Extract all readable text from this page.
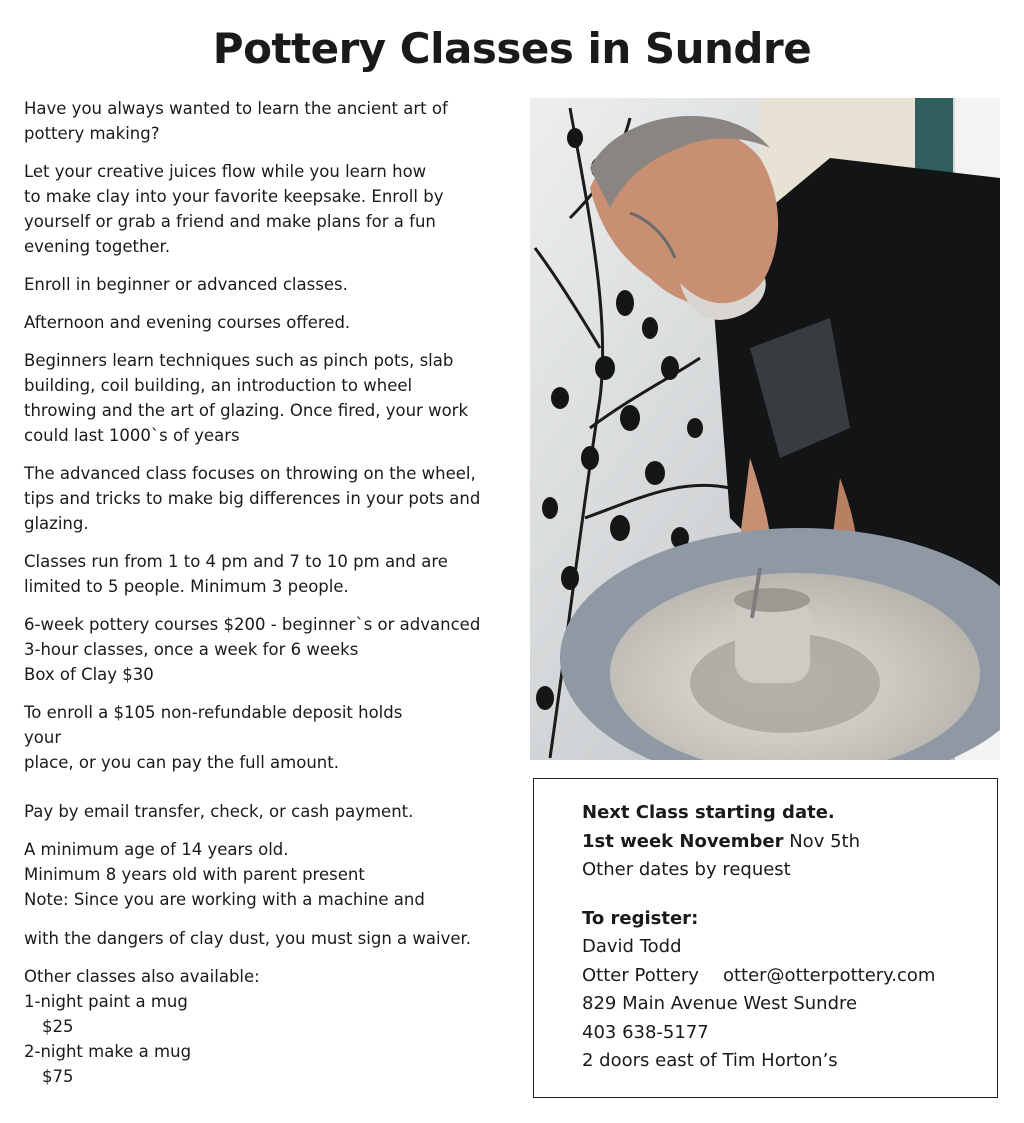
Pottery Classes in Sundre

Have you always wanted to learn the ancient art of
pottery making?

Let your creative juices flow while you learn how
to make clay into your favorite keepsake. Enroll by
yourself or grab a friend and make plans for a fun
evening together.

Enroll in beginner or advanced classes.

Afternoon and evening courses offered.

Beginners learn techniques such as pinch pots, slab
building, coil building, an introduction to wheel
throwing and the art of glazing. Once fired, your work
could last 1000`s of years

The advanced class focuses on throwing on the wheel,
tips and tricks to make big differences in your pots and
glazing.

Classes run from 1 to 4 pm and 7 to 10 pm and are
limited to 5 people. Minimum 3 people.

6-week pottery courses $200 - beginner`s or advanced
3-hour classes, once a week for 6 weeks
Box of Clay $30

To enroll a $105 non-refundable deposit holds
your
place, or you can pay the full amount.

Pay by email transfer, check, or cash payment.

A minimum age of 14 years old.
Minimum 8 years old with parent present
Note: Since you are working with a machine and

with the dangers of clay dust, you must sign a waiver.

Other classes also available:
1-night paint a mug
$25
2-night make a mug
$75

Next Class starting date.
1st week November Nov 5th
Other dates by request
To register:
David Todd
Otter Pottery otter@otterpottery.com
829 Main Avenue West Sundre
403 638-5177
2 doors east of Tim Horton’s
